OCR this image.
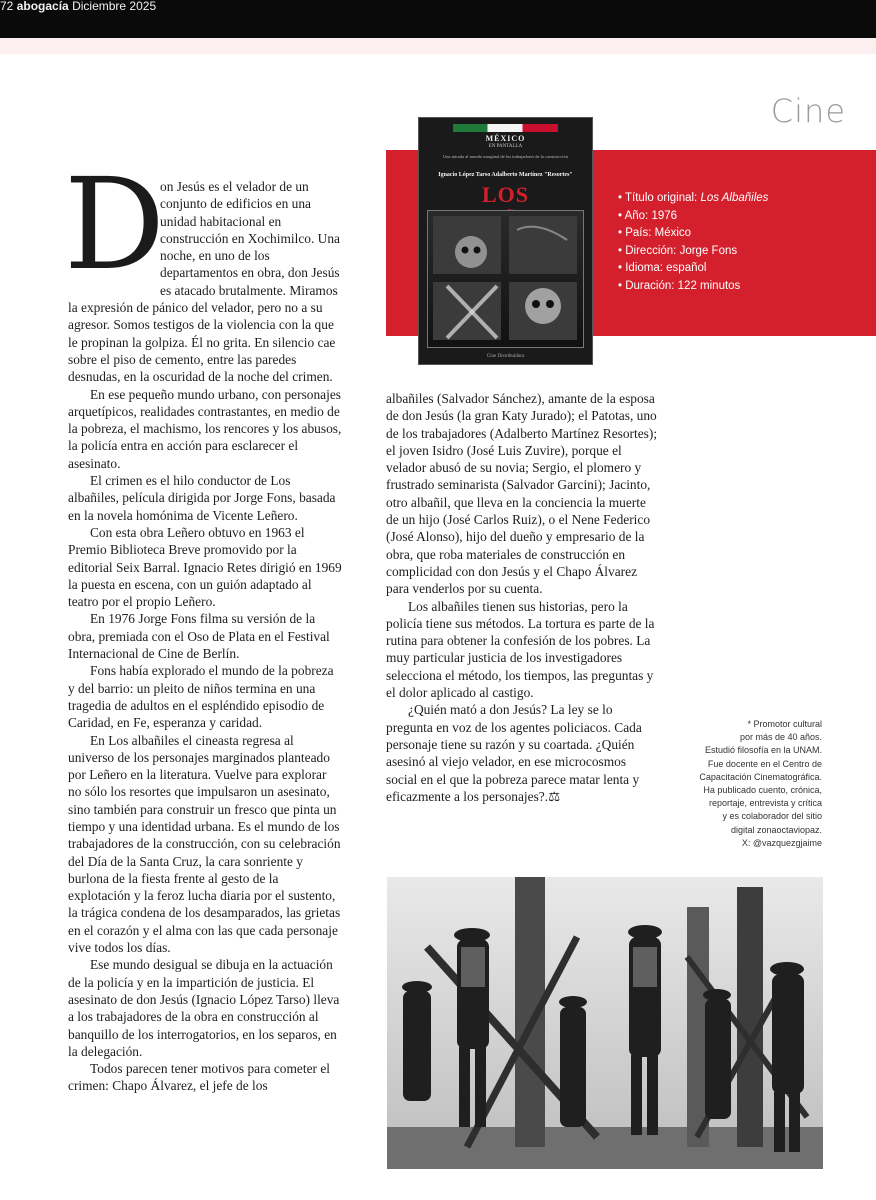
72 abogacía Diciembre 2025
Cine
• Título original: Los Albañiles
• Año: 1976
• País: México
• Dirección: Jorge Fons
• Idioma: español
• Duración: 122 minutos
MÉXICO
EN PANTALLA
Una mirada al mundo marginal de los trabajadores de la construcción
Ignacio López Tarso Adalberto Martínez "Resortes"
LOS
Cine Distribuidora
D

on Jesús es el velador de un conjunto de edificios en una unidad habitacional en construcción en Xochimilco. Una noche, en uno de los departamentos en obra, don Jesús es atacado brutalmente. Miramos la expresión de pánico del velador, pero no a su agresor. Somos testigos de la violencia con la que le propinan la golpiza. Él no grita. En silencio cae sobre el piso de cemento, entre las paredes desnudas, en la oscuridad de la noche del crimen.

En ese pequeño mundo urbano, con personajes arquetípicos, realidades contrastantes, en medio de la pobreza, el machismo, los rencores y los abusos, la policía entra en acción para esclarecer el asesinato.

El crimen es el hilo conductor de Los albañiles, película dirigida por Jorge Fons, basada en la novela homónima de Vicente Leñero.

Con esta obra Leñero obtuvo en 1963 el Premio Biblioteca Breve promovido por la editorial Seix Barral. Ignacio Retes dirigió en 1969 la puesta en escena, con un guión adaptado al teatro por el propio Leñero.

En 1976 Jorge Fons filma su versión de la obra, premiada con el Oso de Plata en el Festival Internacional de Cine de Berlín.

Fons había explorado el mundo de la pobreza y del barrio: un pleito de niños termina en una tragedia de adultos en el espléndido episodio de Caridad, en Fe, esperanza y caridad.

En Los albañiles el cineasta regresa al universo de los personajes marginados planteado por Leñero en la literatura. Vuelve para explorar no sólo los resortes que impulsaron un asesinato, sino también para construir un fresco que pinta un tiempo y una identidad urbana. Es el mundo de los trabajadores de la construcción, con su celebración del Día de la Santa Cruz, la cara sonriente y burlona de la fiesta frente al gesto de la explotación y la feroz lucha diaria por el sustento, la trágica condena de los desamparados, las grietas en el corazón y el alma con las que cada personaje vive todos los días.

Ese mundo desigual se dibuja en la actuación de la policía y en la impartición de justicia. El asesinato de don Jesús (Ignacio López Tarso) lleva a los trabajadores de la obra en construcción al banquillo de los interrogatorios, en los separos, en la delegación.

Todos parecen tener motivos para cometer el crimen: Chapo Álvarez, el jefe de los

albañiles (Salvador Sánchez), amante de la esposa de don Jesús (la gran Katy Jurado); el Patotas, uno de los trabajadores (Adalberto Martínez Resortes); el joven Isidro (José Luis Zuvire), porque el velador abusó de su novia; Sergio, el plomero y frustrado seminarista (Salvador Garcini); Jacinto, otro albañil, que lleva en la conciencia la muerte de un hijo (José Carlos Ruiz), o el Nene Federico (José Alonso), hijo del dueño y empresario de la obra, que roba materiales de construcción en complicidad con don Jesús y el Chapo Álvarez para venderlos por su cuenta.

Los albañiles tienen sus historias, pero la policía tiene sus métodos. La tortura es parte de la rutina para obtener la confesión de los pobres. La muy particular justicia de los investigadores selecciona el método, los tiempos, las preguntas y el dolor aplicado al castigo.

¿Quién mató a don Jesús? La ley se lo pregunta en voz de los agentes policiacos. Cada personaje tiene su razón y su coartada. ¿Quién asesinó al viejo velador, en ese microcosmos social en el que la pobreza parece matar lenta y eficazmente a los personajes?.⚖

* Promotor cultural
por más de 40 años.
Estudió filosofía en la UNAM.
Fue docente en el Centro de
Capacitación Cinematográfica.
Ha publicado cuento, crónica,
reportaje, entrevista y crítica
y es colaborador del sitio
digital zonaoctaviopaz.
X: @vazquezgjaime
